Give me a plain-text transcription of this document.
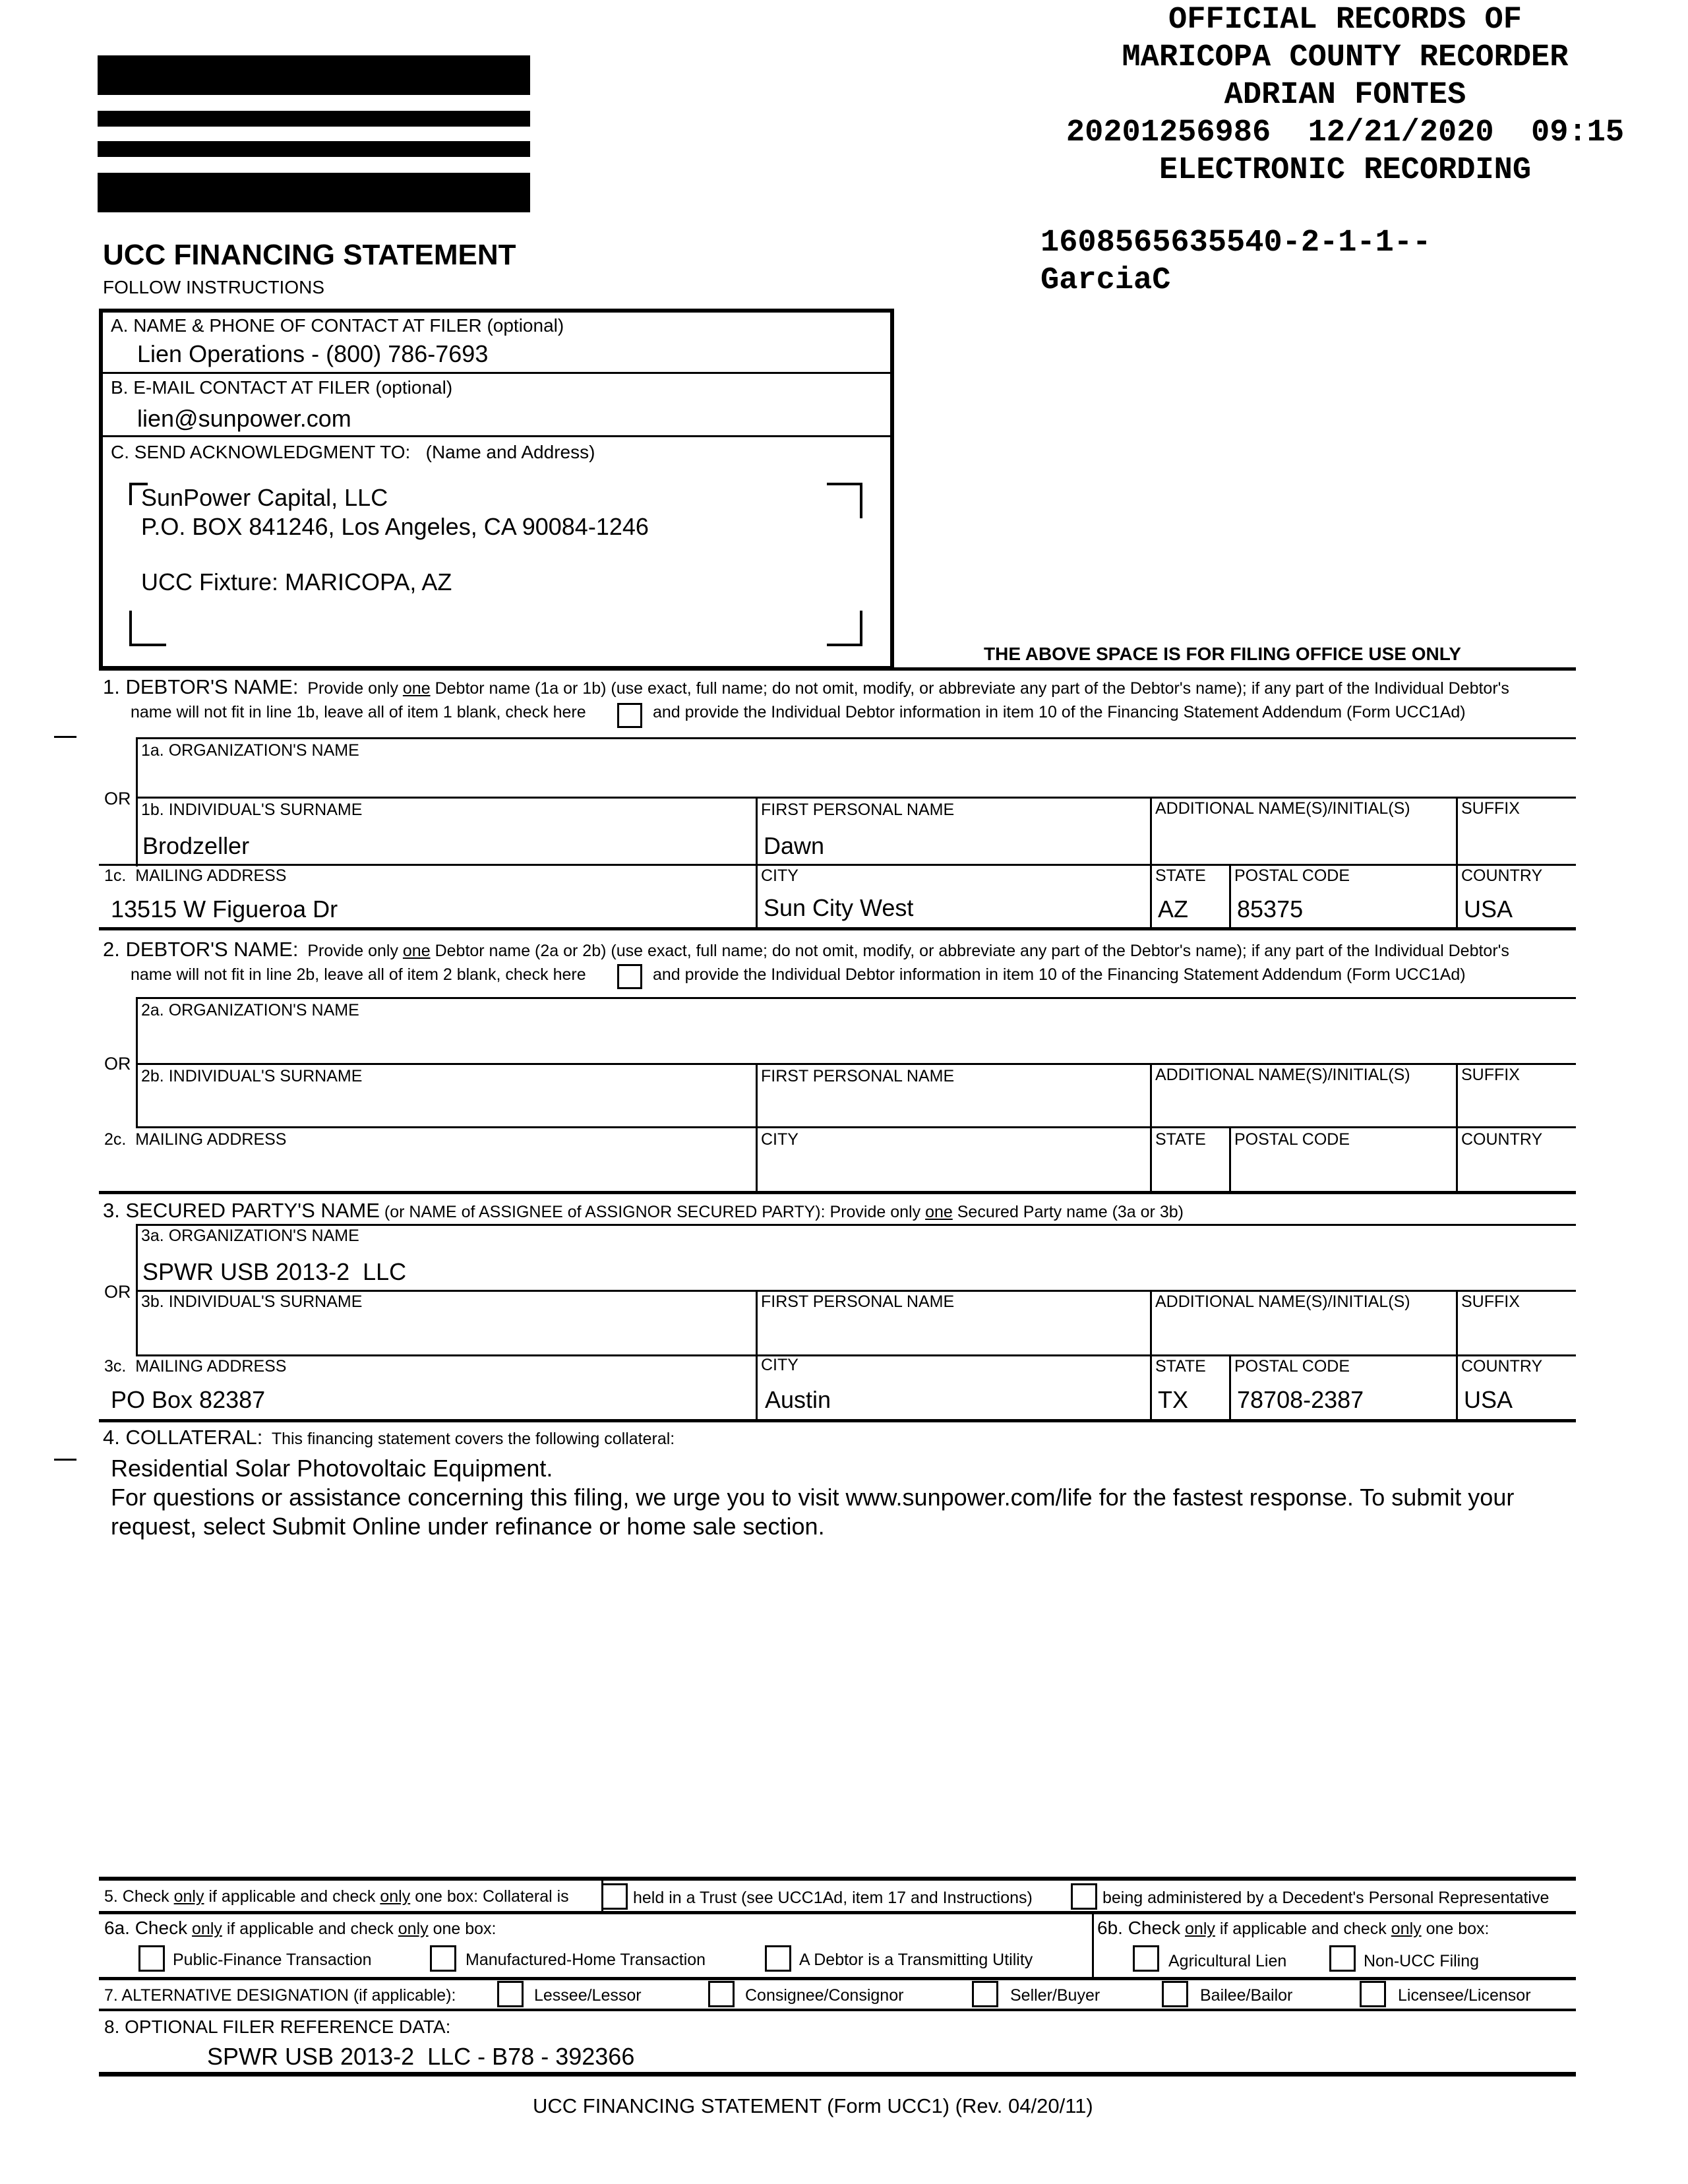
OFFICIAL RECORDS OF
MARICOPA COUNTY RECORDER
ADRIAN FONTES
20201256986  12/21/2020  09:15
ELECTRONIC RECORDING
1608565635540-2-1-1--
GarciaC
UCC FINANCING STATEMENT
FOLLOW INSTRUCTIONS
A. NAME & PHONE OF CONTACT AT FILER (optional)
Lien Operations - (800) 786-7693
B. E-MAIL CONTACT AT FILER (optional)
lien@sunpower.com
C. SEND ACKNOWLEDGMENT TO:   (Name and Address)
SunPower Capital, LLC
P.O. BOX 841246, Los Angeles, CA 90084-1246
UCC Fixture: MARICOPA, AZ
THE ABOVE SPACE IS FOR FILING OFFICE USE ONLY
1. DEBTOR'S NAME: Provide only one Debtor name (1a or 1b) (use exact, full name; do not omit, modify, or abbreviate any part of the Debtor's name); if any part of the Individual Debtor's
name will not fit in line 1b, leave all of item 1 blank, check here	and provide the Individual Debtor information in item 10 of the Financing Statement Addendum (Form UCC1Ad)
1a. ORGANIZATION'S NAME
OR
1b. INDIVIDUAL'S SURNAME	FIRST PERSONAL NAME	ADDITIONAL NAME(S)/INITIAL(S)	SUFFIX
Brodzeller	Dawn
1c.  MAILING ADDRESS	CITY	STATE POSTAL CODE	COUNTRY
13515 W Figueroa Dr	Sun City West	AZ 85375	USA
2. DEBTOR'S NAME: Provide only one Debtor name (2a or 2b) (use exact, full name; do not omit, modify, or abbreviate any part of the Debtor's name); if any part of the Individual Debtor's
name will not fit in line 2b, leave all of item 2 blank, check here	and provide the Individual Debtor information in item 10 of the Financing Statement Addendum (Form UCC1Ad)
2a. ORGANIZATION'S NAME
OR
2b. INDIVIDUAL'S SURNAME	FIRST PERSONAL NAME	ADDITIONAL NAME(S)/INITIAL(S)	SUFFIX
2c.  MAILING ADDRESS	CITY	STATE POSTAL CODE	COUNTRY
3. SECURED PARTY'S NAME (or NAME of ASSIGNEE of ASSIGNOR SECURED PARTY): Provide only one Secured Party name (3a or 3b)
3a. ORGANIZATION'S NAME
SPWR USB 2013-2  LLC
OR 3b. INDIVIDUAL'S SURNAME	FIRST PERSONAL NAME	ADDITIONAL NAME(S)/INITIAL(S)	SUFFIX
3c.  MAILING ADDRESS	CITY	STATE POSTAL CODE	COUNTRY
PO Box 82387	Austin	TX 78708-2387	USA
4. COLLATERAL: This financing statement covers the following collateral:
Residential Solar Photovoltaic Equipment.
For questions or assistance concerning this filing, we urge you to visit www.sunpower.com/life for the fastest response. To submit your
request, select Submit Online under refinance or home sale section.
5. Check only if applicable and check only one box: Collateral is	held in a Trust (see UCC1Ad, item 17 and Instructions)	being administered by a Decedent's Personal Representative
6a. Check only if applicable and check only one box:	6b. Check only if applicable and check only one box:
Public-Finance Transaction	Manufactured-Home Transaction	A Debtor is a Transmitting Utility	Agricultural Lien	Non-UCC Filing
7. ALTERNATIVE DESIGNATION (if applicable):	Lessee/Lessor	Consignee/Consignor	Seller/Buyer	Bailee/Bailor	Licensee/Licensor
8. OPTIONAL FILER REFERENCE DATA:
SPWR USB 2013-2  LLC - B78 - 392366
UCC FINANCING STATEMENT (Form UCC1) (Rev. 04/20/11)
